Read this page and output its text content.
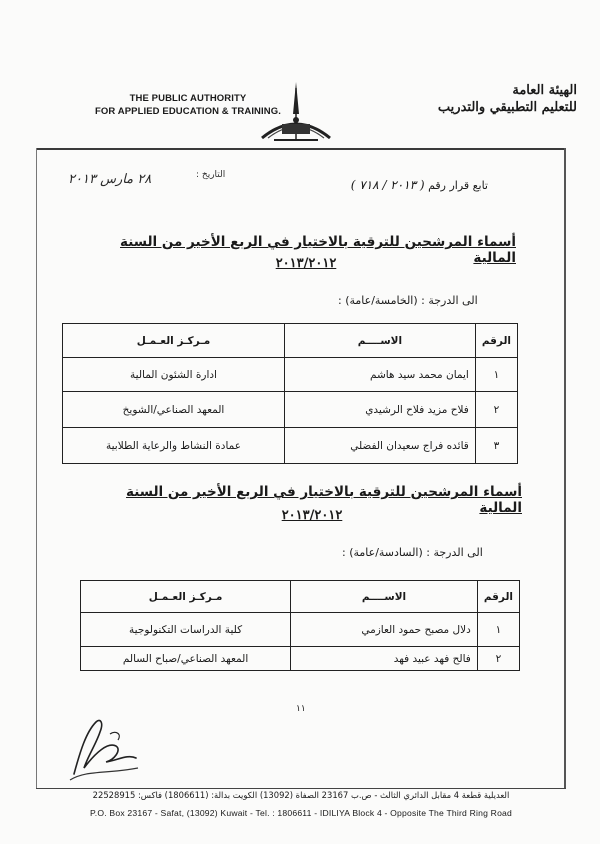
THE PUBLIC AUTHORITY
FOR APPLIED EDUCATION & TRAINING.
الهيئة العامة
للتعليم التطبيقي والتدريب
٢٨ مارس ٢٠١٣	التاريخ :
تابع قرار رقم ( ٢٠١٣ / ٧١٨ )
أسماء المرشحين للترقية بالاختيار في الربع الأخير من السنة المالية
٢٠١٣/٢٠١٢
الى الدرجة : (الخامسة/عامة) :
الرقم	الاســــم	مـركـز العـمـل
١	ايمان محمد سيد هاشم	ادارة الشئون المالية
٢	فلاح مزيد فلاح الرشيدي	المعهد الصناعي/الشويخ
٣	قائده فراج سعيدان الفضلي	عمادة النشاط والرعاية الطلابية
أسماء المرشحين للترقية بالاختيار في الربع الأخير من السنة المالية
٢٠١٣/٢٠١٢
الى الدرجة : (السادسة/عامة) :
الرقم	الاســــم	مـركـز العـمـل
١	دلال مصبح حمود العازمي	كلية الدراسات التكنولوجية
٢	فالح فهد عبيد فهد	المعهد الصناعي/صباح السالم
١١
العديلية قطعة 4 مقابل الدائري الثالث - ص.ب 23167 الصفاة (13092) الكويت بدالة: (1806611) فاكس: 22528915
P.O. Box 23167 - Safat, (13092) Kuwait - Tel. : 1806611 - IDILIYA Block 4 - Opposite The Third Ring Road
